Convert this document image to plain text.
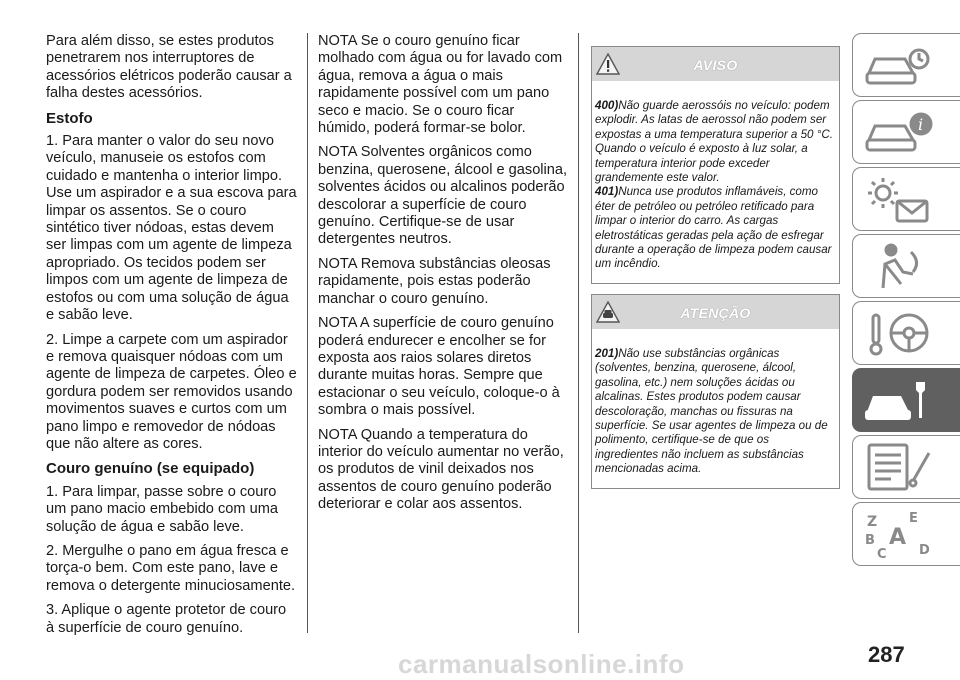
Para além disso, se estes produtos penetrarem nos interruptores de acessórios elétricos poderão causar a falha destes acessórios.

Estofo

1. Para manter o valor do seu novo veículo, manuseie os estofos com cuidado e mantenha o interior limpo. Use um aspirador e a sua escova para limpar os assentos. Se o couro sintético tiver nódoas, estas devem ser limpas com um agente de limpeza apropriado. Os tecidos podem ser limpos com um agente de limpeza de estofos ou com uma solução de água e sabão leve.

2. Limpe a carpete com um aspirador e remova quaisquer nódoas com um agente de limpeza de carpetes. Óleo e gordura podem ser removidos usando movimentos suaves e curtos com um pano limpo e removedor de nódoas que não altere as cores.

Couro genuíno (se equipado)

1. Para limpar, passe sobre o couro um pano macio embebido com uma solução de água e sabão leve.

2. Mergulhe o pano em água fresca e torça-o bem. Com este pano, lave e remova o detergente minuciosamente.

3. Aplique o agente protetor de couro à superfície de couro genuíno.

NOTA Se o couro genuíno ficar molhado com água ou for lavado com água, remova a água o mais rapidamente possível com um pano seco e macio. Se o couro ficar húmido, poderá formar-se bolor.

NOTA Solventes orgânicos como benzina, querosene, álcool e gasolina, solventes ácidos ou alcalinos poderão descolorar a superfície de couro genuíno. Certifique-se de usar detergentes neutros.

NOTA Remova substâncias oleosas rapidamente, pois estas poderão manchar o couro genuíno.

NOTA A superfície de couro genuíno poderá endurecer e encolher se for exposta aos raios solares diretos durante muitas horas. Sempre que estacionar o seu veículo, coloque-o à sombra o mais possível.

NOTA Quando a temperatura do interior do veículo aumentar no verão, os produtos de vinil deixados nos assentos de couro genuíno poderão deteriorar e colar aos assentos.

AVISO

400)Não guarde aerossóis no veículo: podem explodir. As latas de aerossol não podem ser expostas a uma temperatura superior a 50 °C. Quando o veículo é exposto à luz solar, a temperatura interior pode exceder grandemente este valor.

401)Nunca use produtos inflamáveis, como éter de petróleo ou petróleo retificado para limpar o interior do carro. As cargas eletrostáticas geradas pela ação de esfregar durante a operação de limpeza podem causar um incêndio.

ATENÇÃO

201)Não use substâncias orgânicas (solventes, benzina, querosene, álcool, gasolina, etc.) nem soluções ácidas ou alcalinas. Estes produtos podem causar descoloração, manchas ou fissuras na superfície. Se usar agentes de limpeza ou de polimento, certifique-se de que os ingredientes não incluem as substâncias mencionadas acima.

i
Z E
A
B
C D
carmanualsonline.info	287
